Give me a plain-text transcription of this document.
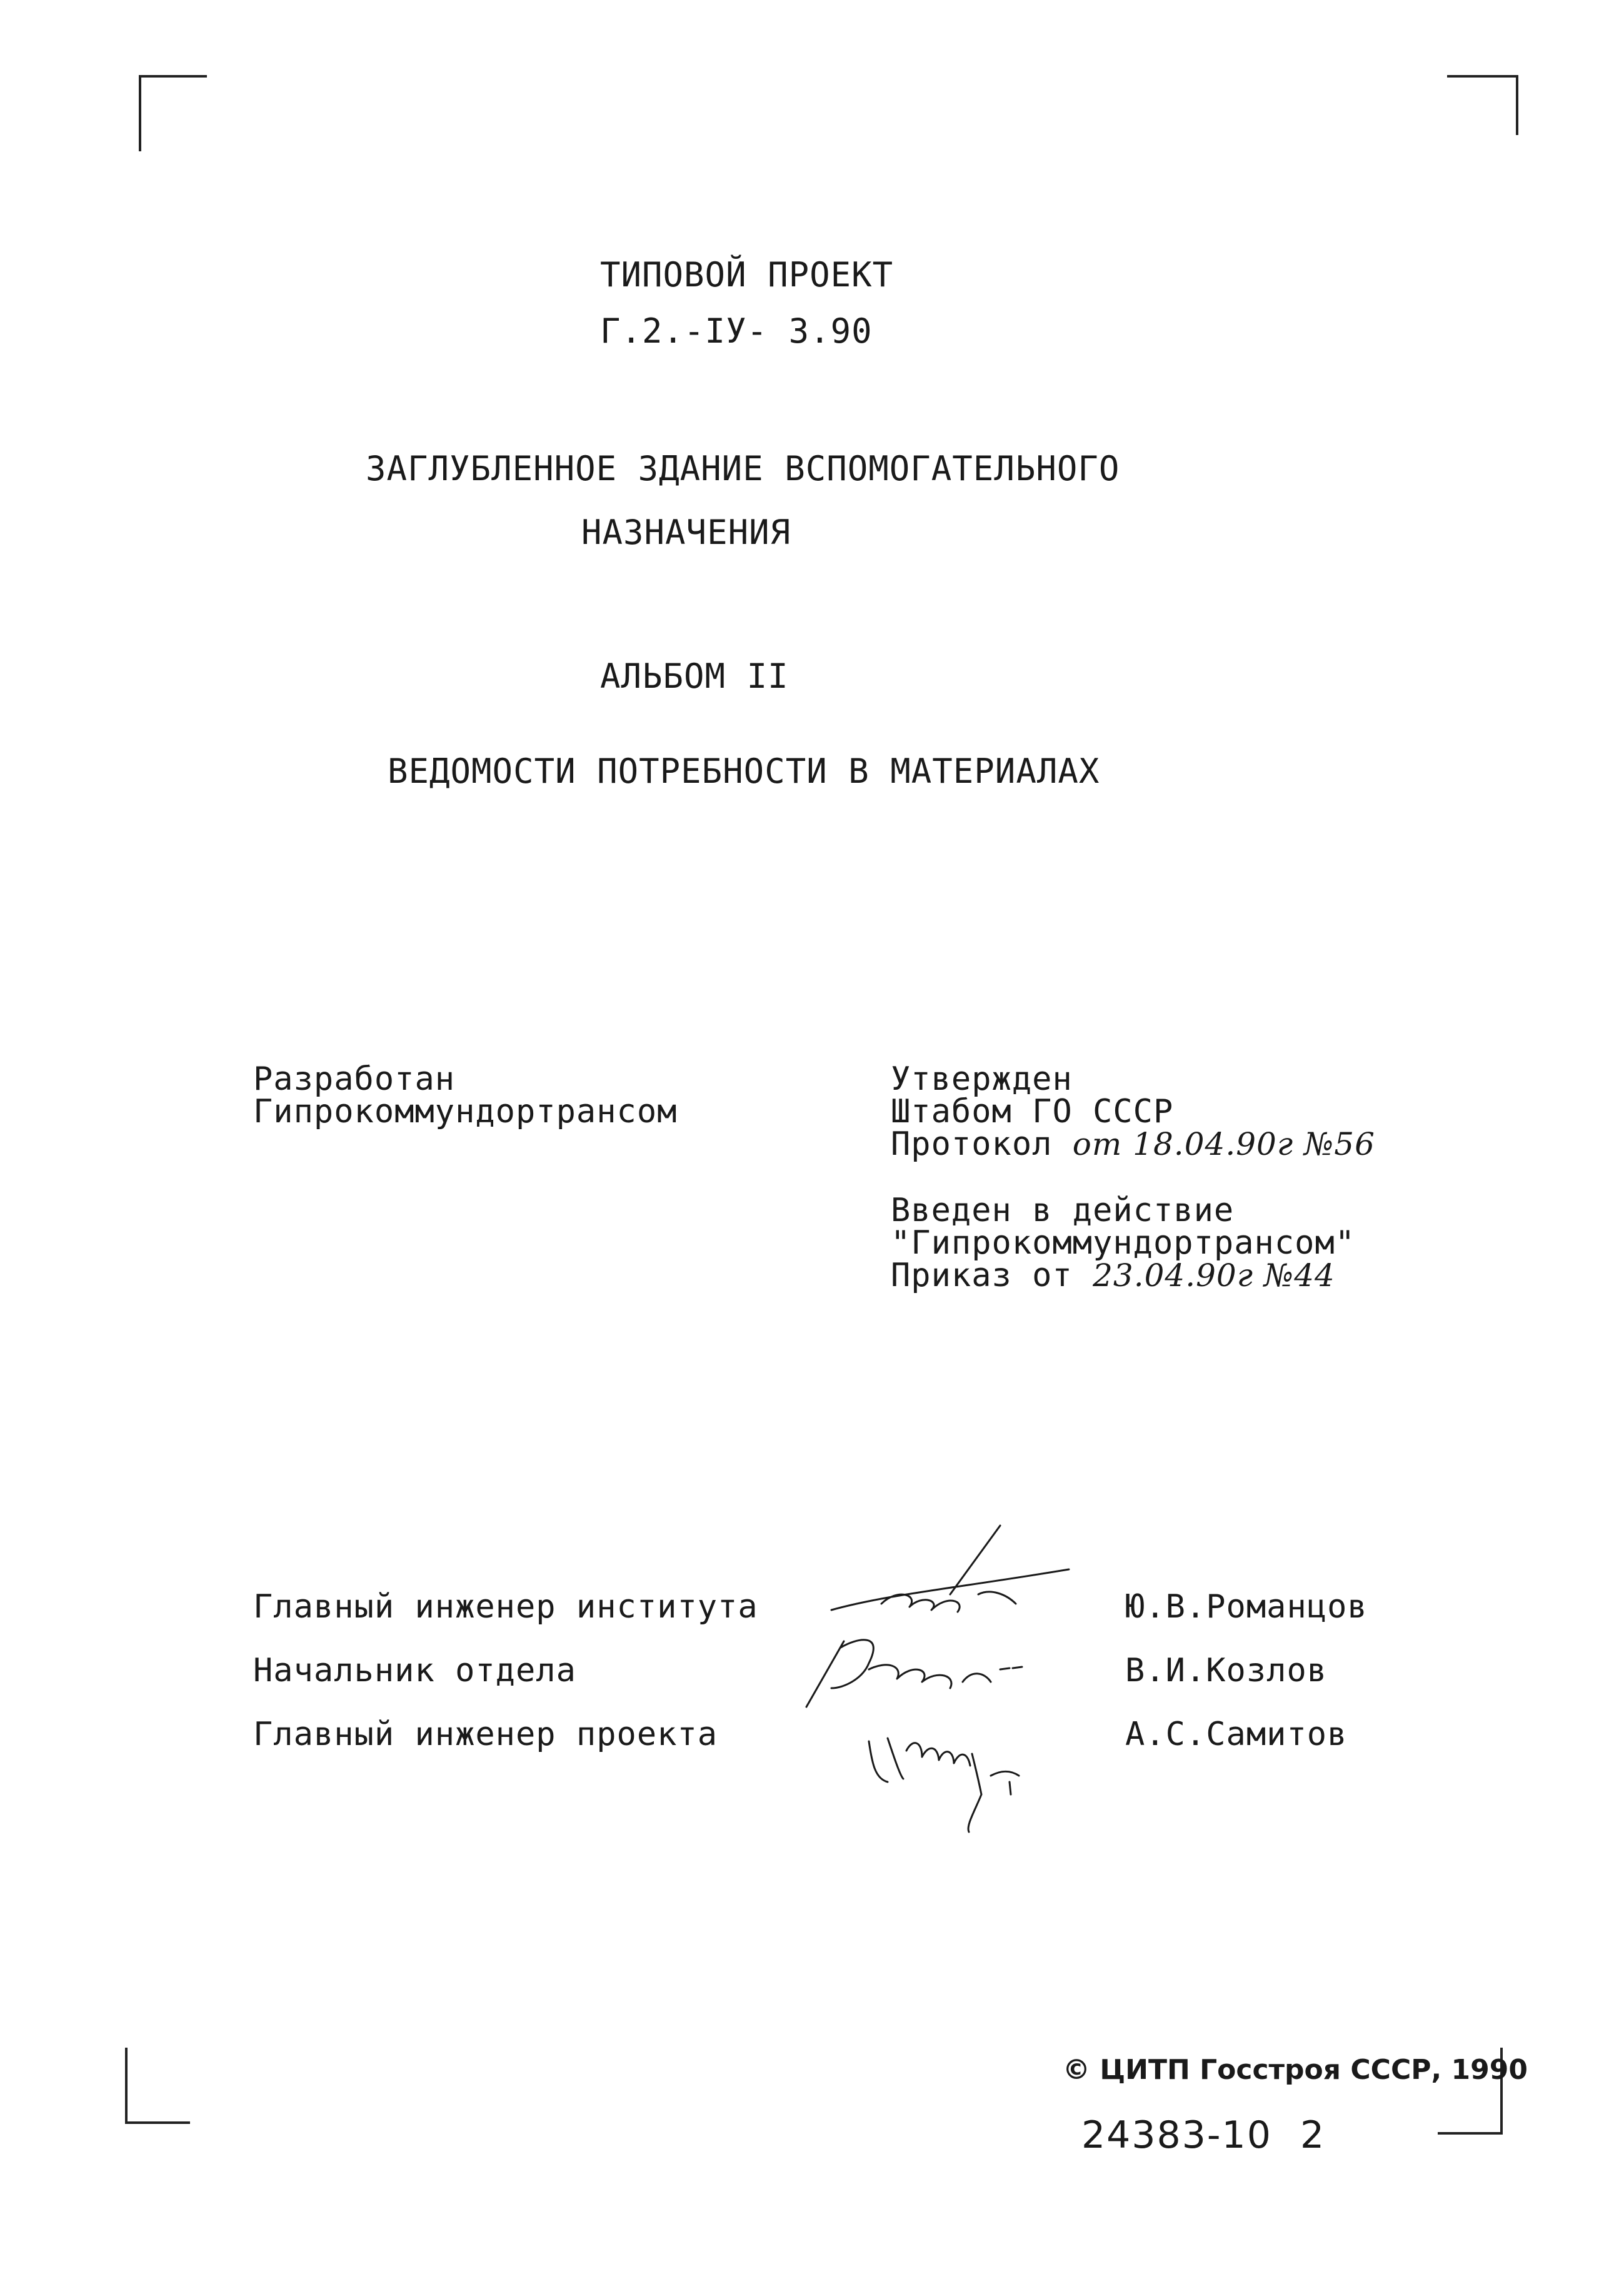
ТИПОВОЙ ПРОЕКТ
Г.2.-IУ- 3.90
ЗАГЛУБЛЕННОЕ ЗДАНИЕ ВСПОМОГАТЕЛЬНОГО
НАЗНАЧЕНИЯ
АЛЬБОМ II
ВЕДОМОСТИ ПОТРЕБНОСТИ В МАТЕРИАЛАХ
Разработан
Гипрокоммундортрансом
Утвержден
Штабом ГО СССР
Протокол от 18.04.90г №56
Введен в действие
"Гипрокоммундортрансом"
Приказ от 23.04.90г №44
Главный инженер института
Начальник отдела
Главный инженер проекта
Ю.В.Романцов
В.И.Козлов
А.С.Самитов
© ЦИТП Госстроя СССР, 1990
24383-10 2
